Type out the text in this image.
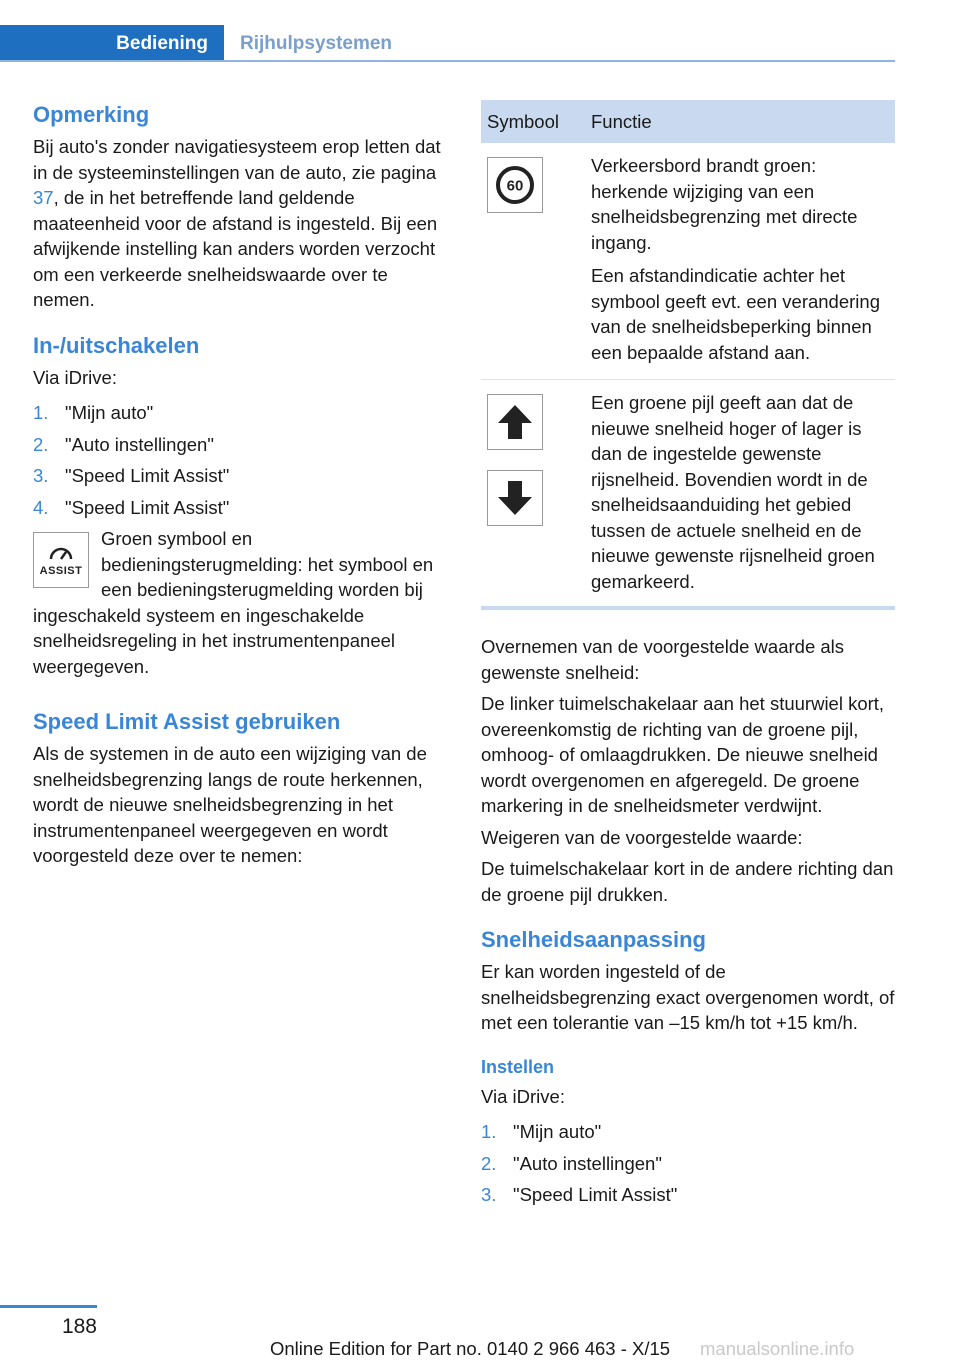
Bediening	Rijhulpsystemen
Opmerking

Bij auto's zonder navigatiesysteem erop letten dat in de systeeminstellingen van de auto, zie pagina 37, de in het betreffende land geldende maateenheid voor de afstand is ingesteld. Bij een afwijkende instelling kan anders worden verzocht om een verkeerde snelheidswaarde over te nemen.

In-/uitschakelen

Via iDrive:

1. "Mijn auto"
2. "Auto instellingen"
3. "Speed Limit Assist"
4. "Speed Limit Assist"
ASSIST

Groen symbool en bedieningsterugmelding: het symbool en een bedieningsterugmelding worden bij ingeschakeld systeem en ingeschakelde snelheidsregeling in het instrumentenpaneel weergegeven.

Speed Limit Assist gebruiken

Als de systemen in de auto een wijziging van de snelheidsbegrenzing langs de route herkennen, wordt de nieuwe snelheidsbegrenzing in het instrumentenpaneel weergegeven en wordt voorgesteld deze over te nemen:

Symbool	Functie
60

Verkeersbord brandt groen: herkende wijziging van een snelheidsbegrenzing met directe ingang.

Een afstandindicatie achter het symbool geeft evt. een verandering van de snelheidsbeperking binnen een bepaalde afstand aan.

Een groene pijl geeft aan dat de nieuwe snelheid hoger of lager is dan de ingestelde gewenste rijsnelheid. Bovendien wordt in de snelheidsaanduiding het gebied tussen de actuele snelheid en de nieuwe gewenste rijsnelheid groen gemarkeerd.

Overnemen van de voorgestelde waarde als gewenste snelheid:

De linker tuimelschakelaar aan het stuurwiel kort, overeenkomstig de richting van de groene pijl, omhoog- of omlaagdrukken. De nieuwe snelheid wordt overgenomen en afgeregeld. De groene markering in de snelheidsmeter verdwijnt.

Weigeren van de voorgestelde waarde:

De tuimelschakelaar kort in de andere richting dan de groene pijl drukken.

Snelheidsaanpassing

Er kan worden ingesteld of de snelheidsbegrenzing exact overgenomen wordt, of met een tolerantie van –15 km/h tot +15 km/h.

Instellen

Via iDrive:

1. "Mijn auto"
2. "Auto instellingen"
3. "Speed Limit Assist"
188
Online Edition for Part no. 0140 2 966 463 - X/15 manualsonline.info
